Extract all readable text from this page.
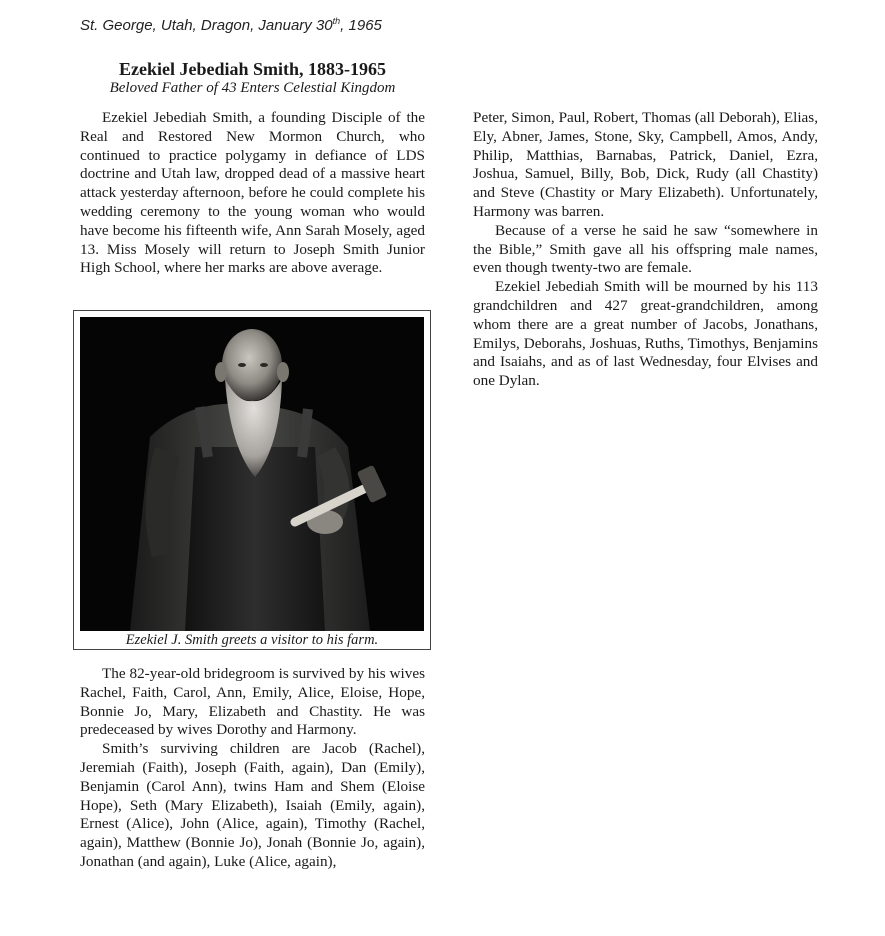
St. George, Utah, Dragon, January 30th, 1965
Ezekiel Jebediah Smith, 1883-1965
Beloved Father of 43 Enters Celestial Kingdom

Ezekiel Jebediah Smith, a founding Disciple of the Real and Restored New Mormon Church, who continued to practice polygamy in defiance of LDS doctrine and Utah law, dropped dead of a massive heart attack yesterday afternoon, before he could complete his wedding ceremony to the young woman who would have become his fifteenth wife, Ann Sarah Mosely, aged 13. Miss Mosely will return to Joseph Smith Junior High School, where her marks are above average.

Ezekiel J. Smith greets a visitor to his farm.

The 82-year-old bridegroom is survived by his wives Rachel, Faith, Carol, Ann, Emily, Alice, Eloise, Hope, Bonnie Jo, Mary, Elizabeth and Chastity. He was predeceased by wives Dorothy and Harmony.

Smith’s surviving children are Jacob (Rachel), Jeremiah (Faith), Joseph (Faith, again), Dan (Emily), Benjamin (Carol Ann), twins Ham and Shem (Eloise Hope), Seth (Mary Elizabeth), Isaiah (Emily, again), Ernest (Alice), John (Alice, again), Timothy (Rachel, again), Matthew (Bonnie Jo), Jonah (Bonnie Jo, again), Jonathan (and again), Luke (Alice, again),

Peter, Simon, Paul, Robert, Thomas (all Deborah), Elias, Ely, Abner, James, Stone, Sky, Campbell, Amos, Andy, Philip, Matthias, Barnabas, Patrick, Daniel, Ezra, Joshua, Samuel, Billy, Bob, Dick, Rudy (all Chastity) and Steve (Chastity or Mary Elizabeth). Unfortunately, Harmony was barren.

Because of a verse he said he saw “somewhere in the Bible,” Smith gave all his offspring male names, even though twenty-two are female.

Ezekiel Jebediah Smith will be mourned by his 113 grandchildren and 427 great-grandchildren, among whom there are a great number of Jacobs, Jonathans, Emilys, Deborahs, Joshuas, Ruths, Timothys, Benjamins and Isaiahs, and as of last Wednesday, four Elvises and one Dylan.
